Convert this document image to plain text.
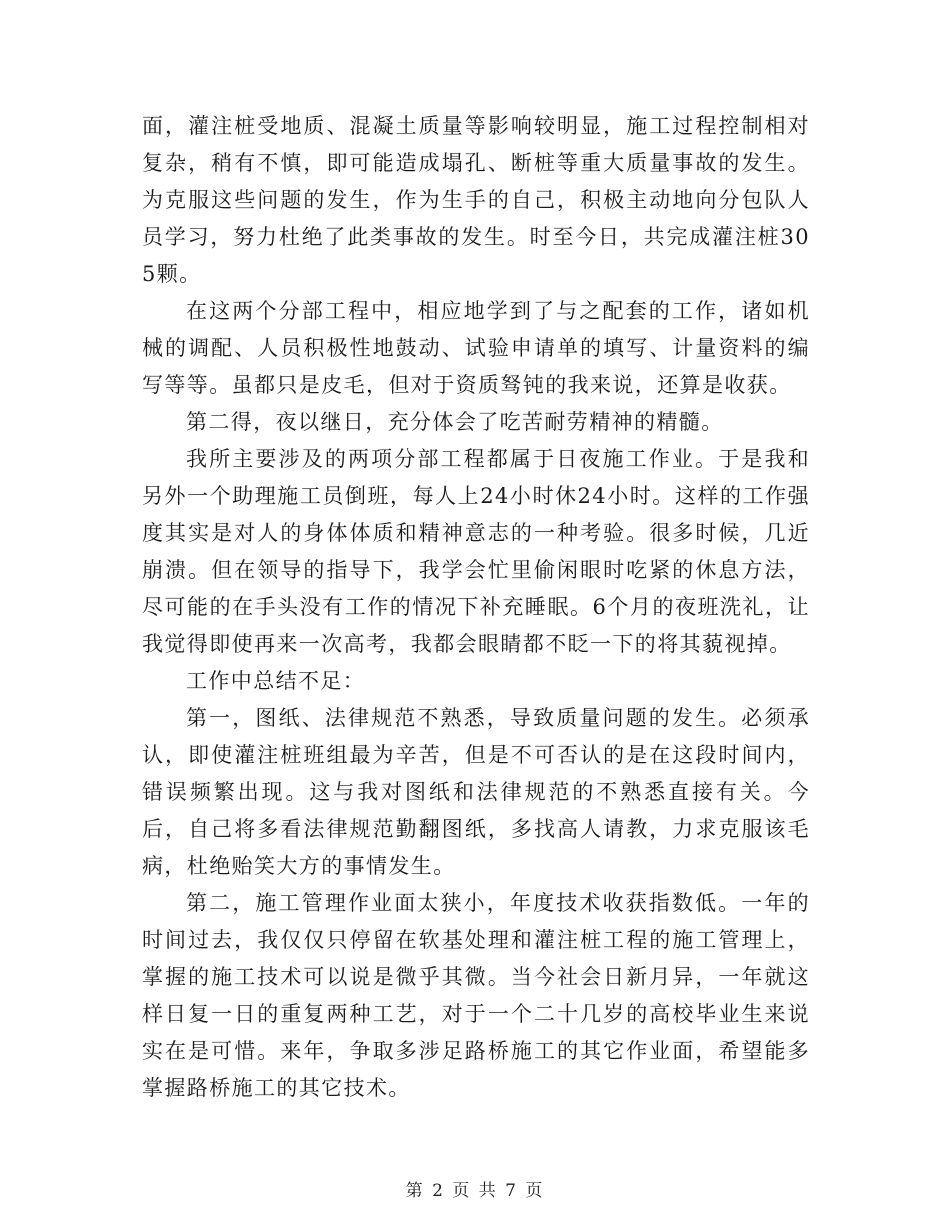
面，灌注桩受地质、混凝土质量等影响较明显，施工过程控制相对复杂，稍有不慎，即可能造成塌孔、断桩等重大质量事故的发生。为克服这些问题的发生，作为生手的自己，积极主动地向分包队人员学习，努力杜绝了此类事故的发生。时至今日，共完成灌注桩305颗。

在这两个分部工程中，相应地学到了与之配套的工作，诸如机械的调配、人员积极性地鼓动、试验申请单的填写、计量资料的编写等等。虽都只是皮毛，但对于资质驽钝的我来说，还算是收获。

第二得，夜以继日，充分体会了吃苦耐劳精神的精髓。

我所主要涉及的两项分部工程都属于日夜施工作业。于是我和另外一个助理施工员倒班，每人上24小时休24小时。这样的工作强度其实是对人的身体体质和精神意志的一种考验。很多时候，几近崩溃。但在领导的指导下，我学会忙里偷闲眼时吃紧的休息方法，尽可能的在手头没有工作的情况下补充睡眠。6个月的夜班洗礼，让我觉得即使再来一次高考，我都会眼睛都不眨一下的将其藐视掉。

工作中总结不足：

第一，图纸、法律规范不熟悉，导致质量问题的发生。必须承认，即使灌注桩班组最为辛苦，但是不可否认的是在这段时间内，错误频繁出现。这与我对图纸和法律规范的不熟悉直接有关。今后，自己将多看法律规范勤翻图纸，多找高人请教，力求克服该毛病，杜绝贻笑大方的事情发生。

第二，施工管理作业面太狭小，年度技术收获指数低。一年的时间过去，我仅仅只停留在软基处理和灌注桩工程的施工管理上，掌握的施工技术可以说是微乎其微。当今社会日新月异，一年就这样日复一日的重复两种工艺，对于一个二十几岁的高校毕业生来说实在是可惜。来年，争取多涉足路桥施工的其它作业面，希望能多掌握路桥施工的其它技术。

第 2 页 共 7 页
